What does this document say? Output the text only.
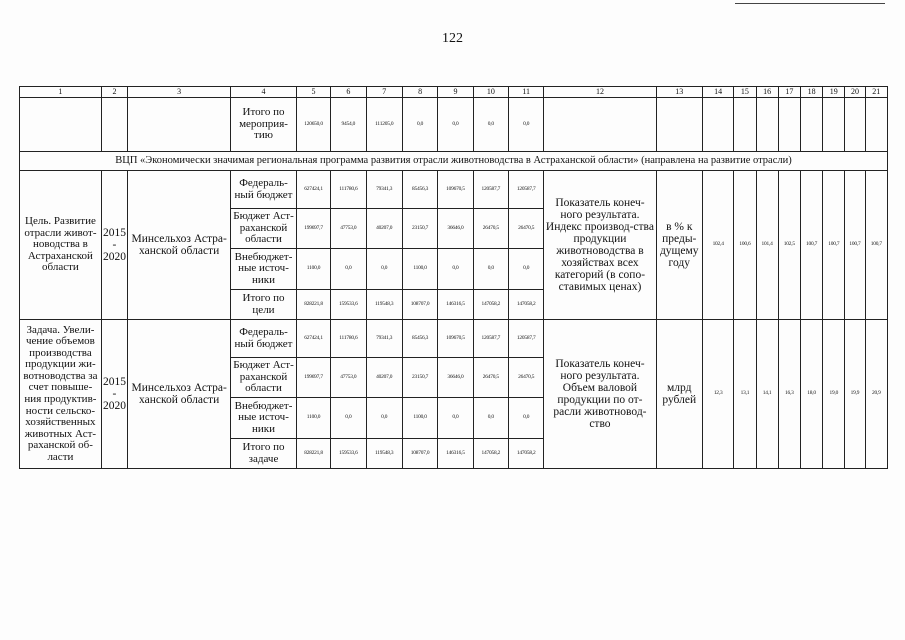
122
1	2	3	4	5	6	7	8	9	10	11	12	13	14	15	16	17	18	19	20	21
			Итого по мероприя-тию	120650,0	9454,0	111205,0	0,0	0,0	0,0	0,0										
ВЦП «Экономически значимая региональная программа развития отрасли животноводства в Астраханской области» (направлена на развитие отрасли)																				
Цель. Развитие отрасли живот-новодства в Астраханской области	2015 - 2020	Минсельхоз Астра-ханской области	Федераль-ный бюджет	627424,1	111780,6	79341,3	85456,3	109670,5	120587,7	120587,7	Показатель конеч-ного результата. Индекс производ-ства продукции животноводства в хозяйствах всех категорий (в сопо-ставимых ценах)	в % к преды-дущему году	102,4	100,6	101,4	102,5	100,7	100,7	100,7	100,7
			Бюджет Аст-раханской области	199697,7	47753,0	40207,0	23150,7	36646,0	26470,5	26470,5										
			Внебюджет-ные источ-ники	1100,0	0,0	0,0	1100,0	0,0	0,0	0,0										
			Итого по цели	828221,8	159533,6	119548,3	108707,0	146316,5	147058,2	147058,2										
Задача. Увели-чение объемов производства продукции жи-вотноводства за счет повыше-ния продуктив-ности сельско-хозяйственных животных Аст-раханской об-ласти	2015 - 2020	Минсельхоз Астра-ханской области	Федераль-ный бюджет	627424,1	111780,6	79341,3	85456,3	109670,5	120587,7	120587,7	Показатель конеч-ного результата. Объем валовой продукции по от-расли животновод-ство	млрд рублей	12,3	13,1	14,1	16,3	18,0	19,0	19,9	20,9
			Бюджет Аст-раханской области	199697,7	47753,0	40207,0	23150,7	36646,0	26470,5	26470,5										
			Внебюджет-ные источ-ники	1100,0	0,0	0,0	1100,0	0,0	0,0	0,0										
			Итого по задаче	828221,8	159533,6	119548,3	108707,0	146316,5	147058,2	147058,2										
